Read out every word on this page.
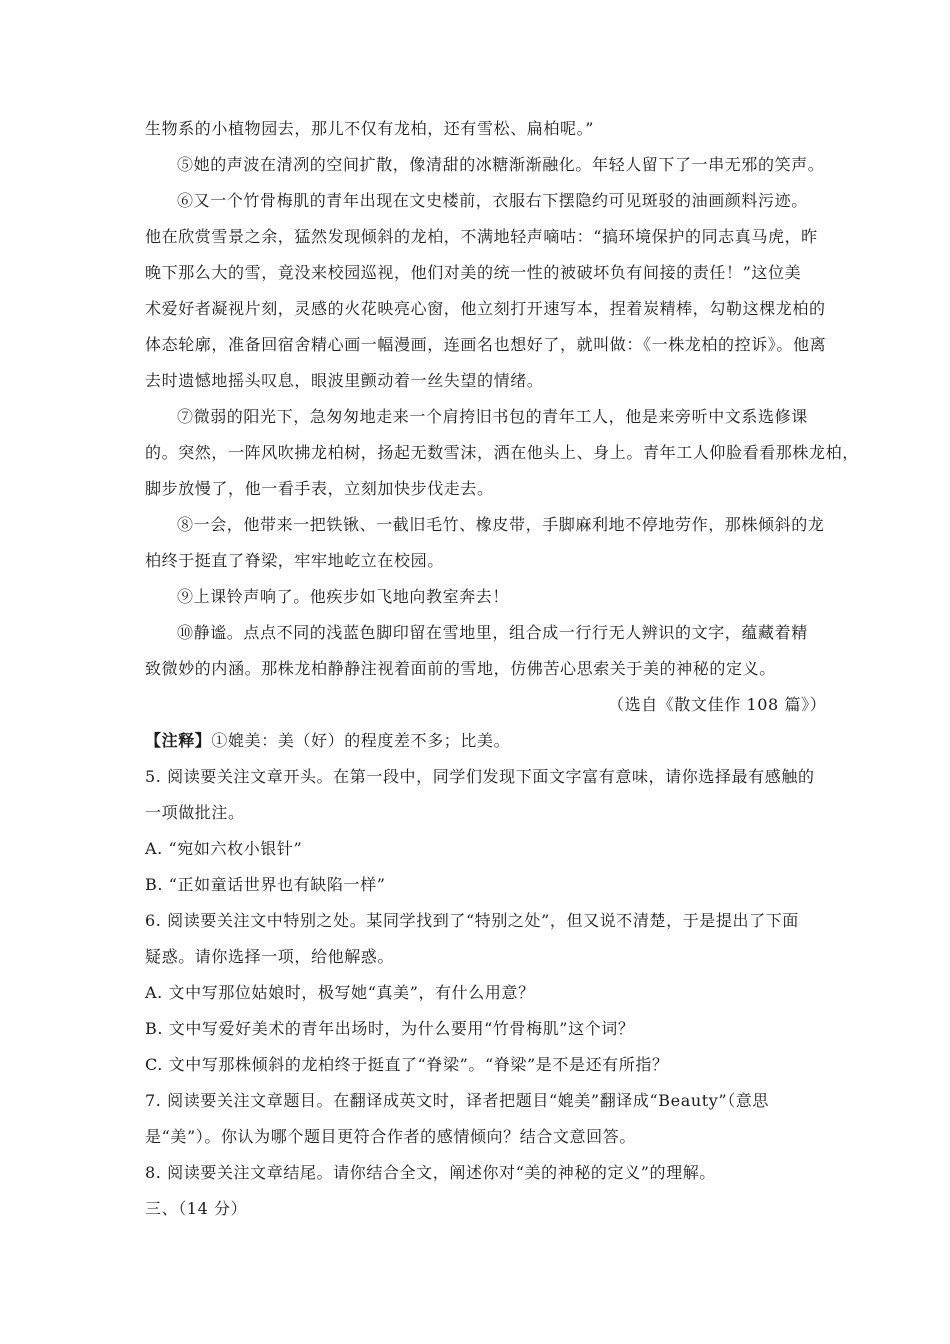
生物系的小植物园去，那儿不仅有龙柏，还有雪松、扁柏呢。”
⑤她的声波在清冽的空间扩散，像清甜的冰糖渐渐融化。年轻人留下了一串无邪的笑声。
⑥又一个竹骨梅肌的青年出现在文史楼前，衣服右下摆隐约可见斑驳的油画颜料污迹。
他在欣赏雪景之余，猛然发现倾斜的龙柏，不满地轻声嘀咕：“搞环境保护的同志真马虎，昨
晚下那么大的雪，竟没来校园巡视，他们对美的统一性的被破坏负有间接的责任！”这位美
术爱好者凝视片刻，灵感的火花映亮心窗，他立刻打开速写本，捏着炭精棒，勾勒这棵龙柏的
体态轮廓，准备回宿舍精心画一幅漫画，连画名也想好了，就叫做：《一株龙柏的控诉》。他离
去时遗憾地摇头叹息，眼波里颤动着一丝失望的情绪。
⑦微弱的阳光下，急匆匆地走来一个肩挎旧书包的青年工人，他是来旁听中文系选修课
的。突然，一阵风吹拂龙柏树，扬起无数雪沫，洒在他头上、身上。青年工人仰脸看看那株龙柏，
脚步放慢了，他一看手表，立刻加快步伐走去。
⑧一会，他带来一把铁锹、一截旧毛竹、橡皮带，手脚麻利地不停地劳作，那株倾斜的龙
柏终于挺直了脊梁，牢牢地屹立在校园。
⑨上课铃声响了。他疾步如飞地向教室奔去！
⑩静谧。点点不同的浅蓝色脚印留在雪地里，组合成一行行无人辨识的文字，蕴藏着精
致微妙的内涵。那株龙柏静静注视着面前的雪地，仿佛苦心思索关于美的神秘的定义。
（选自《散文佳作 108 篇》）
【注释】①媲美：美（好）的程度差不多；比美。
5. 阅读要关注文章开头。在第一段中，同学们发现下面文字富有意味，请你选择最有感触的
一项做批注。
A. “宛如六枚小银针”
B. “正如童话世界也有缺陷一样”
6. 阅读要关注文中特别之处。某同学找到了“特别之处”，但又说不清楚，于是提出了下面
疑惑。请你选择一项，给他解惑。
A. 文中写那位姑娘时，极写她“真美”，有什么用意？
B. 文中写爱好美术的青年出场时，为什么要用“竹骨梅肌”这个词？
C. 文中写那株倾斜的龙柏终于挺直了“脊梁”。“脊梁”是不是还有所指？
7. 阅读要关注文章题目。在翻译成英文时，译者把题目“媲美”翻译成“Beauty”（意思
是“美”）。你认为哪个题目更符合作者的感情倾向？结合文意回答。
8. 阅读要关注文章结尾。请你结合全文，阐述你对“美的神秘的定义”的理解。
三、（14 分）
